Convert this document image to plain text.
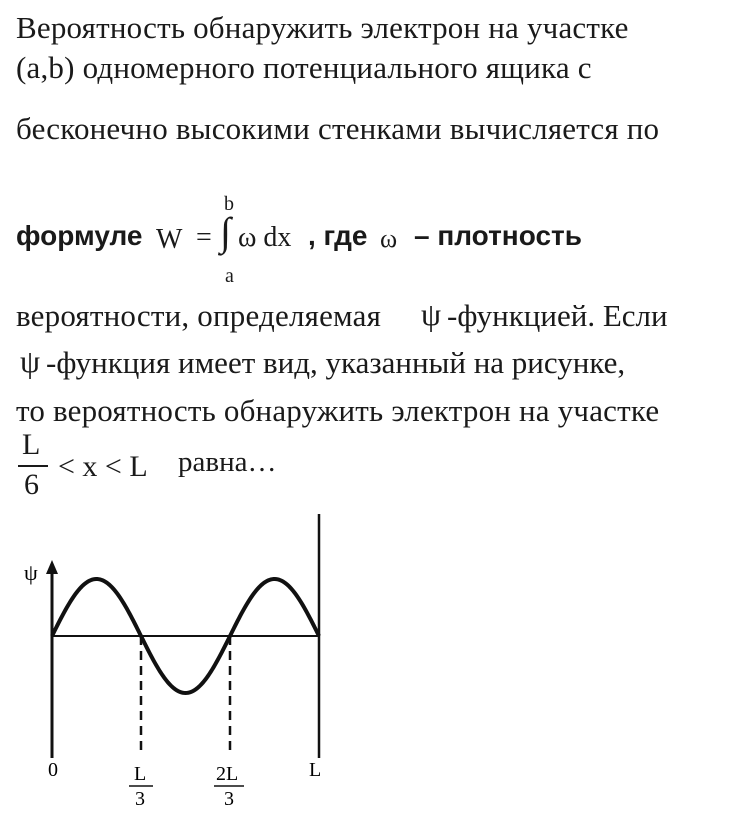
Вероятность обнаружить электрон на участке
(a,b) одномерного потенциального ящика с
бесконечно высокими стенками вычисляется по
формуле W =
b
∫
a
ω dx , где ω – плотность
вероятности, определяемая ψ -функцией. Если
ψ -функция имеет вид, указанный на рисунке,
то вероятность обнаружить электрон на участке
L
6
< x < L равна…
ψ
0	L
L
3
2L
3
